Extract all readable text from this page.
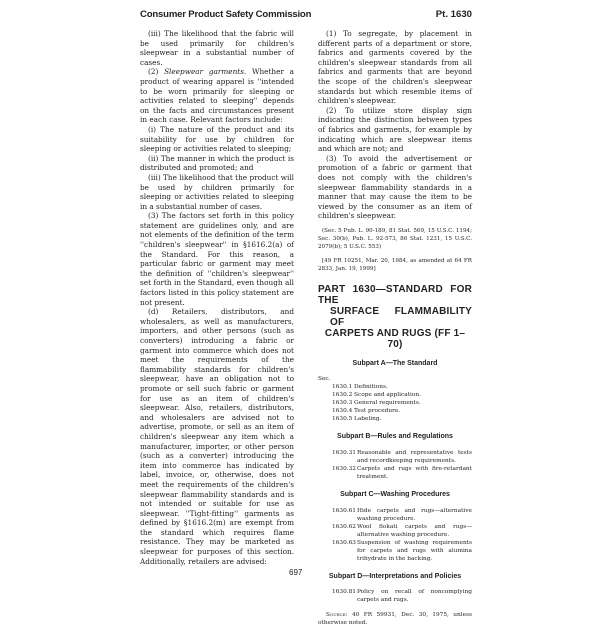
Consumer Product Safety Commission	Pt. 1630

(iii) The likelihood that the fabric will be used primarily for children's sleepwear in a substantial number of cases.

(2) Sleepwear garments. Whether a product of wearing apparel is ''intended to be worn primarily for sleeping or activities related to sleeping'' depends on the facts and circumstances present in each case. Relevant factors include:

(i) The nature of the product and its suitability for use by children for sleeping or activities related to sleeping;

(ii) The manner in which the product is distributed and promoted; and

(iii) The likelihood that the product will be used by children primarily for sleeping or activities related to sleeping in a substantial number of cases.

(3) The factors set forth in this policy statement are guidelines only, and are not elements of the definition of the term ''children's sleepwear'' in §1616.2(a) of the Standard. For this reason, a particular fabric or garment may meet the definition of ''children's sleepwear'' set forth in the Standard, even though all factors listed in this policy statement are not present.

(d) Retailers, distributors, and wholesalers, as well as manufacturers, importers, and other persons (such as converters) introducing a fabric or garment into commerce which does not meet the requirements of the flammability standards for children's sleepwear, have an obligation not to promote or sell such fabric or garment for use as an item of children's sleepwear. Also, retailers, distributors, and wholesalers are advised not to advertise, promote, or sell as an item of children's sleepwear any item which a manufacturer, importer, or other person (such as a converter) introducing the item into commerce has indicated by label, invoice, or, otherwise, does not meet the requirements of the children's sleepwear flammability standards and is not intended or suitable for use as sleepwear. ''Tight-fitting'' garments as defined by §1616.2(m) are exempt from the standard which requires flame resistance. They may be marketed as sleepwear for purposes of this section. Additionally, retailers are advised:

(1) To segregate, by placement in different parts of a department or store, fabrics and garments covered by the children's sleepwear standards from all fabrics and garments that are beyond the scope of the children's sleepwear standards but which resemble items of children's sleepwear.

(2) To utilize store display sign indicating the distinction between types of fabrics and garments, for example by indicating which are sleepwear items and which are not; and

(3) To avoid the advertisement or promotion of a fabric or garment that does not comply with the children's sleepwear flammability standards in a manner that may cause the item to be viewed by the consumer as an item of children's sleepwear.

(Sec. 5 Pub. L. 90-189, 81 Stat. 569, 15 U.S.C. 1194; Sec. 30(b), Pub. L. 92-573, 86 Stat. 1231, 15 U.S.C. 2079(b); 5 U.S.C. 553)

[49 FR 10251, Mar. 20, 1984, as amended at 64 FR 2833, Jan. 19, 1999]

PART 1630—STANDARD FOR THE
SURFACE FLAMMABILITY OF
CARPETS AND RUGS (FF 1–70)
Subpart A—The Standard
Sec.
1630.1 Definitions.
1630.2 Scope and application.
1630.3 General requirements.
1630.4 Test procedure.
1630.5 Labeling.
Subpart B—Rules and Regulations
1630.31 Reasonable and representative tests and recordkeeping requirements.
1630.32 Carpets and rugs with fire-retardant treatment.
Subpart C—Washing Procedures
1630.61 Hide carpets and rugs—alternative washing procedure.
1630.62 Wool flokati carpets and rugs—alternative washing procedure.
1630.63 Suspension of washing requirements for carpets and rugs with alumina trihydrate in the backing.
Subpart D—Interpretations and Policies
1630.81 Policy on recall of noncomplying carpets and rugs.

Source: 40 FR 59931, Dec. 30, 1975, unless otherwise noted.

697
